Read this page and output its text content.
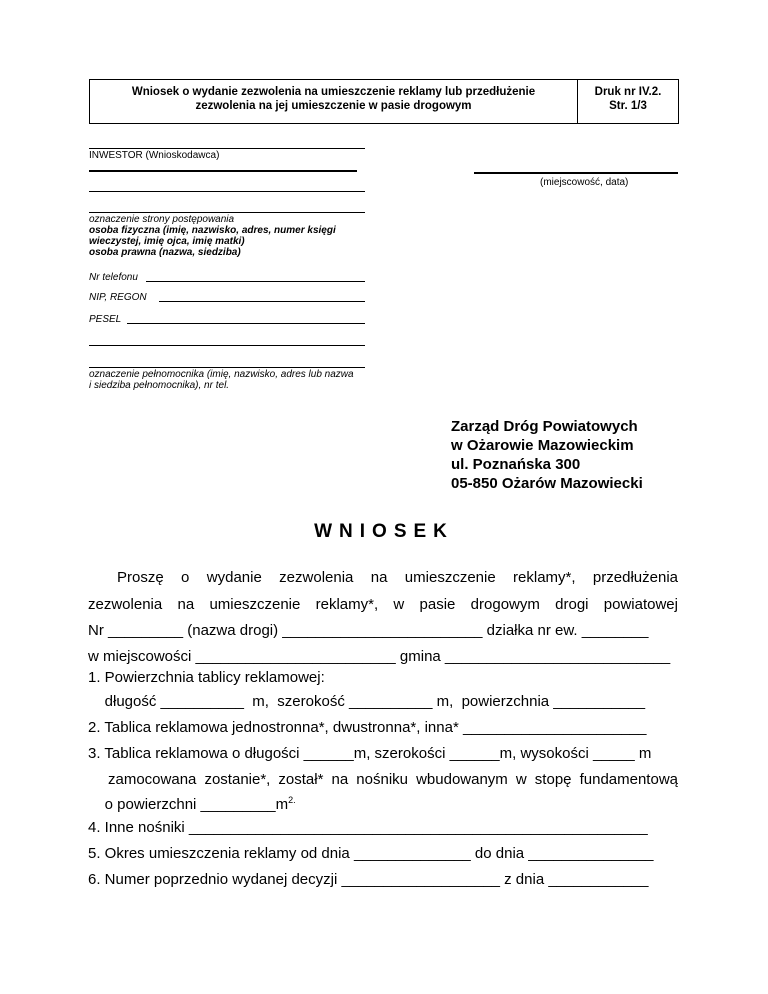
Wniosek o wydanie zezwolenia na umieszczenie reklamy lub przedłużenie
zezwolenia na jej umieszczenie w pasie drogowym
Druk nr IV.2.
Str. 1/3
INWESTOR (Wnioskodawca)
(miejscowość, data)
oznaczenie strony postępowania
osoba fizyczna (imię, nazwisko, adres, numer księgi
wieczystej, imię ojca, imię matki)
osoba prawna (nazwa, siedziba)
Nr telefonu
NIP, REGON
PESEL
oznaczenie pełnomocnika (imię, nazwisko, adres lub nazwa
i siedziba pełnomocnika), nr tel.
Zarząd Dróg Powiatowych
w Ożarowie Mazowieckim
ul. Poznańska 300
05-850 Ożarów Mazowiecki
WNIOSEK
Proszę o wydanie zezwolenia na umieszczenie reklamy*, przedłużenia
zezwolenia na umieszczenie reklamy*, w pasie drogowym drogi powiatowej
Nr _________ (nazwa drogi) ________________________ działka nr ew. ________
w miejscowości ________________________ gmina ___________________________
1. Powierzchnia tablicy reklamowej:
długość __________  m,  szerokość __________ m,  powierzchnia ___________
2. Tablica reklamowa jednostronna*, dwustronna*, inna* ______________________
3. Tablica reklamowa o długości ______m, szerokości ______m, wysokości _____ m
zamocowana zostanie*, został* na nośniku wbudowanym w stopę fundamentową
o powierzchni $\_\_\_\_\_\_\_\_\_m^{2.}$
4. Inne nośniki _______________________________________________________
5. Okres umieszczenia reklamy od dnia ______________ do dnia _______________
6. Numer poprzednio wydanej decyzji ___________________ z dnia ____________
